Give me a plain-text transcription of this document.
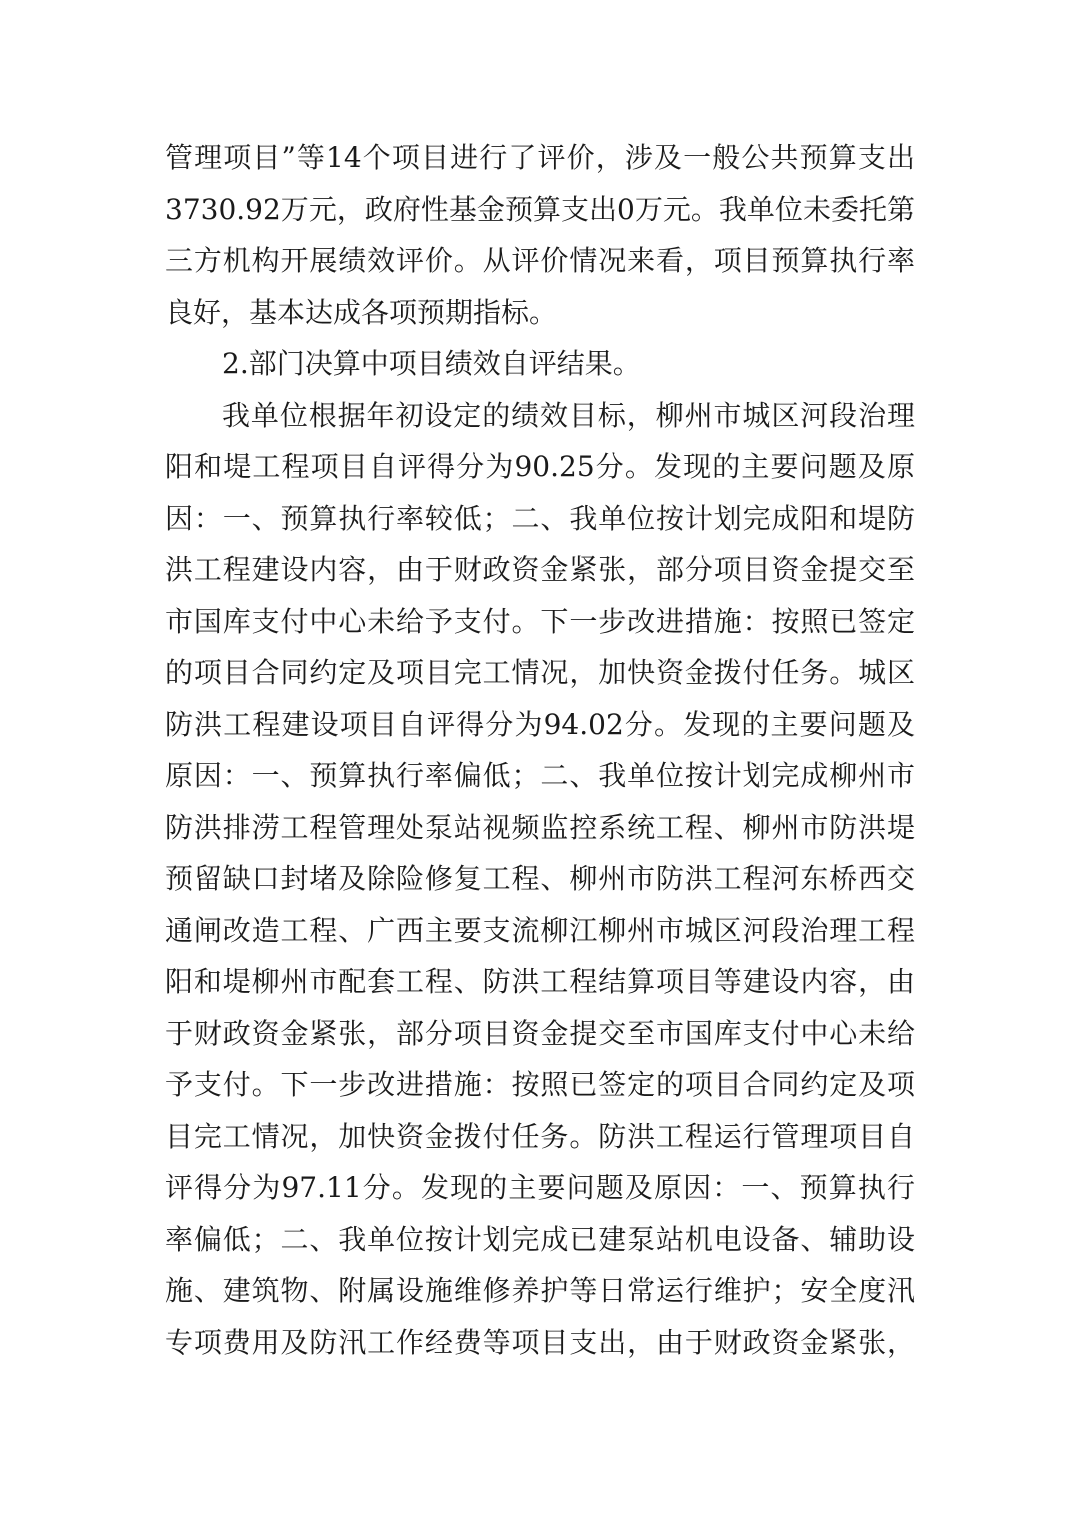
管理项目”等14个项目进行了评价，涉及一般公共预算支出
3730.92万元，政府性基金预算支出0万元。我单位未委托第
三方机构开展绩效评价。从评价情况来看，项目预算执行率
良好，基本达成各项预期指标。
2.部门决算中项目绩效自评结果。
我单位根据年初设定的绩效目标，柳州市城区河段治理
阳和堤工程项目自评得分为90.25分。发现的主要问题及原
因：一、预算执行率较低；二、我单位按计划完成阳和堤防
洪工程建设内容，由于财政资金紧张，部分项目资金提交至
市国库支付中心未给予支付。下一步改进措施：按照已签定
的项目合同约定及项目完工情况，加快资金拨付任务。城区
防洪工程建设项目自评得分为94.02分。发现的主要问题及
原因：一、预算执行率偏低；二、我单位按计划完成柳州市
防洪排涝工程管理处泵站视频监控系统工程、柳州市防洪堤
预留缺口封堵及除险修复工程、柳州市防洪工程河东桥西交
通闸改造工程、广西主要支流柳江柳州市城区河段治理工程
阳和堤柳州市配套工程、防洪工程结算项目等建设内容，由
于财政资金紧张，部分项目资金提交至市国库支付中心未给
予支付。下一步改进措施：按照已签定的项目合同约定及项
目完工情况，加快资金拨付任务。防洪工程运行管理项目自
评得分为97.11分。发现的主要问题及原因：一、预算执行
率偏低；二、我单位按计划完成已建泵站机电设备、辅助设
施、建筑物、附属设施维修养护等日常运行维护；安全度汛
专项费用及防汛工作经费等项目支出，由于财政资金紧张，
